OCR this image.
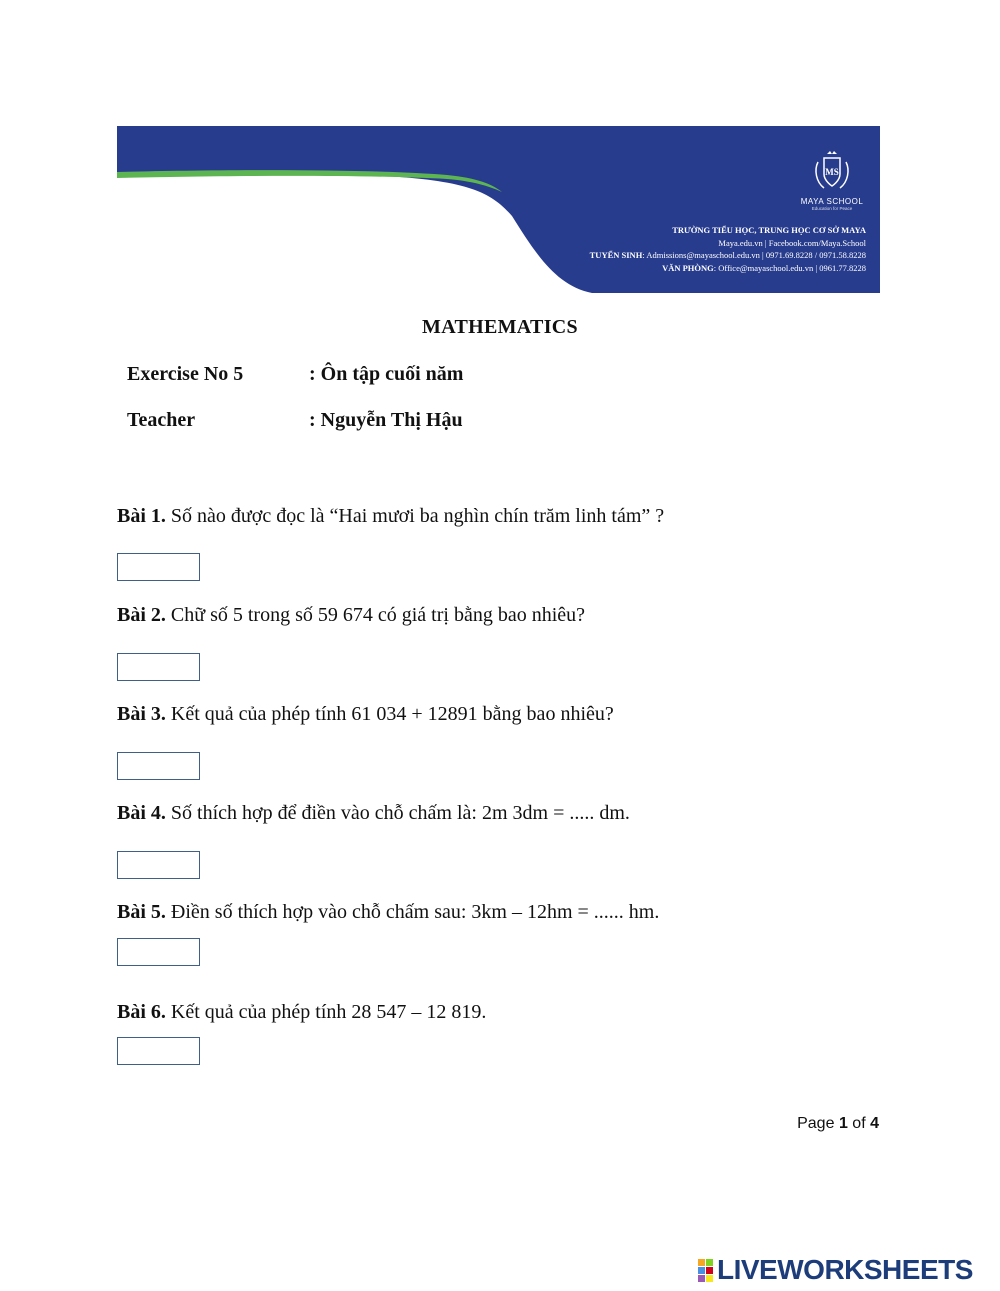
MS
MAYA SCHOOL
Education for Peace
TRƯỜNG TIỂU HỌC, TRUNG HỌC CƠ SỞ MAYA
Maya.edu.vn | Facebook.com/Maya.School
TUYỂN SINH: Admissions@mayaschool.edu.vn | 0971.69.8228 / 0971.58.8228
VĂN PHÒNG: Office@mayaschool.edu.vn | 0961.77.8228
MATHEMATICS
Exercise No 5	: Ôn tập cuối năm
Teacher	: Nguyễn Thị Hậu
Bài 1. Số nào được đọc là “Hai mươi ba nghìn chín trăm linh tám” ?
Bài 2. Chữ số 5 trong số 59 674 có giá trị bằng bao nhiêu?
Bài 3. Kết quả của phép tính 61 034 + 12891 bằng bao nhiêu?
Bài 4. Số thích hợp để điền vào chỗ chấm là: 2m 3dm = ..... dm.
Bài 5. Điền số thích hợp vào chỗ chấm sau: 3km – 12hm = ...... hm.
Bài 6. Kết quả của phép tính 28 547 – 12 819.
Page 1 of 4
LIVEWORKSHEETS
